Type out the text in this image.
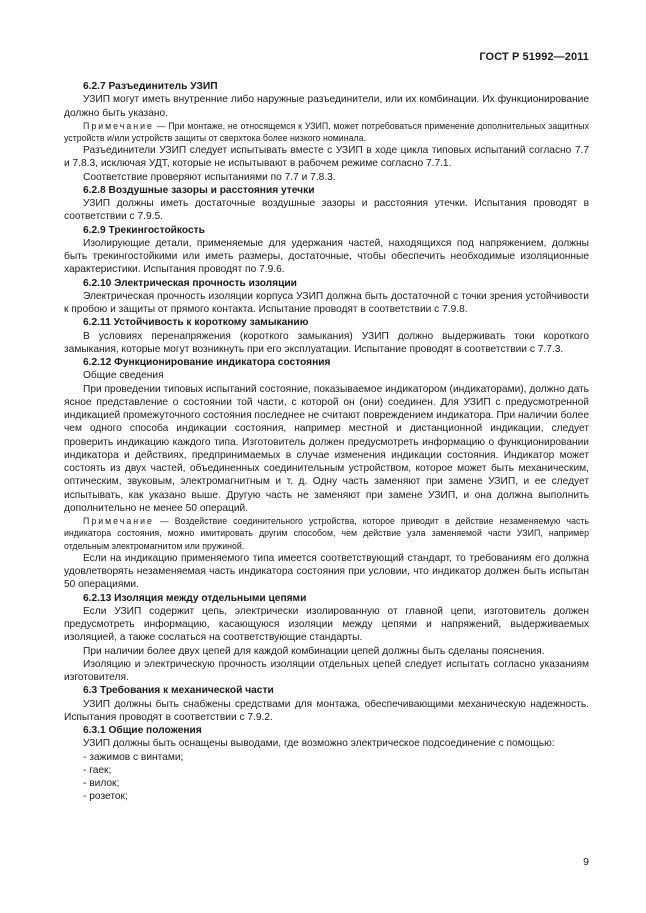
ГОСТ Р 51992—2011

6.2.7 Разъединитель УЗИП

УЗИП могут иметь внутренние либо наружные разъединители, или их комбинации. Их функционирование должно быть указано.

Примечание — При монтаже, не относящемся к УЗИП, может потребоваться применение дополнительных защитных устройств и/или устройств защиты от сверхтока более низкого номинала.

Разъединители УЗИП следует испытывать вместе с УЗИП в ходе цикла типовых испытаний согласно 7.7 и 7.8.3, исключая УДТ, которые не испытывают в рабочем режиме согласно 7.7.1.

Соответствие проверяют испытаниями по 7.7 и 7.8.3.

6.2.8 Воздушные зазоры и расстояния утечки

УЗИП должны иметь достаточные воздушные зазоры и расстояния утечки. Испытания проводят в соответствии с 7.9.5.

6.2.9 Трекингостойкость

Изолирующие детали, применяемые для удержания частей, находящихся под напряжением, должны быть трекингостойкими или иметь размеры, достаточные, чтобы обеспечить необходимые изоляционные характеристики. Испытания проводят по 7.9.6.

6.2.10 Электрическая прочность изоляции

Электрическая прочность изоляции корпуса УЗИП должна быть достаточной с точки зрения устойчивости к пробою и защиты от прямого контакта. Испытание проводят в соответствии с 7.9.8.

6.2.11 Устойчивость к короткому замыканию

В условиях перенапряжения (короткого замыкания) УЗИП должно выдерживать токи короткого замыкания, которые могут возникнуть при его эксплуатации. Испытание проводят в соответствии с 7.7.3.

6.2.12 Функционирование индикатора состояния

Общие сведения

При проведении типовых испытаний состояние, показываемое индикатором (индикаторами), должно дать ясное представление о состоянии той части, с которой он (они) соединен. Для УЗИП с предусмотренной индикацией промежуточного состояния последнее не считают повреждением индикатора. При наличии более чем одного способа индикации состояния, например местной и дистанционной индикации, следует проверить индикацию каждого типа. Изготовитель должен предусмотреть информацию о функционировании индикатора и действиях, предпринимаемых в случае изменения индикации состояния. Индикатор может состоять из двух частей, объединенных соединительным устройством, которое может быть механическим, оптическим, звуковым, электромагнитным и т. д. Одну часть заменяют при замене УЗИП, и ее следует испытывать, как указано выше. Другую часть не заменяют при замене УЗИП, и она должна выполнить дополнительно не менее 50 операций.

Примечание — Воздействие соединительного устройства, которое приводит в действие незаменяемую часть индикатора состояния, можно имитировать другим способом, чем действие узла заменяемой части УЗИП, например отдельным электромагнитом или пружиной.

Если на индикацию применяемого типа имеется соответствующий стандарт, то требованиям его должна удовлетворять незаменяемая часть индикатора состояния при условии, что индикатор должен быть испытан 50 операциями.

6.2.13 Изоляция между отдельными цепями

Если УЗИП содержит цепь, электрически изолированную от главной цепи, изготовитель должен предусмотреть информацию, касающуюся изоляции между цепями и напряжений, выдерживаемых изоляцией, а также сослаться на соответствующие стандарты.

При наличии более двух цепей для каждой комбинации цепей должны быть сделаны пояснения.

Изоляцию и электрическую прочность изоляции отдельных цепей следует испытать согласно указаниям изготовителя.

6.3 Требования к механической части

УЗИП должны быть снабжены средствами для монтажа, обеспечивающими механическую надежность. Испытания проводят в соответствии с 7.9.2.

6.3.1 Общие положения

УЗИП должны быть оснащены выводами, где возможно электрическое подсоединение с помощью:

- зажимов с винтами;

- гаек;

- вилок;

- розеток;

9
